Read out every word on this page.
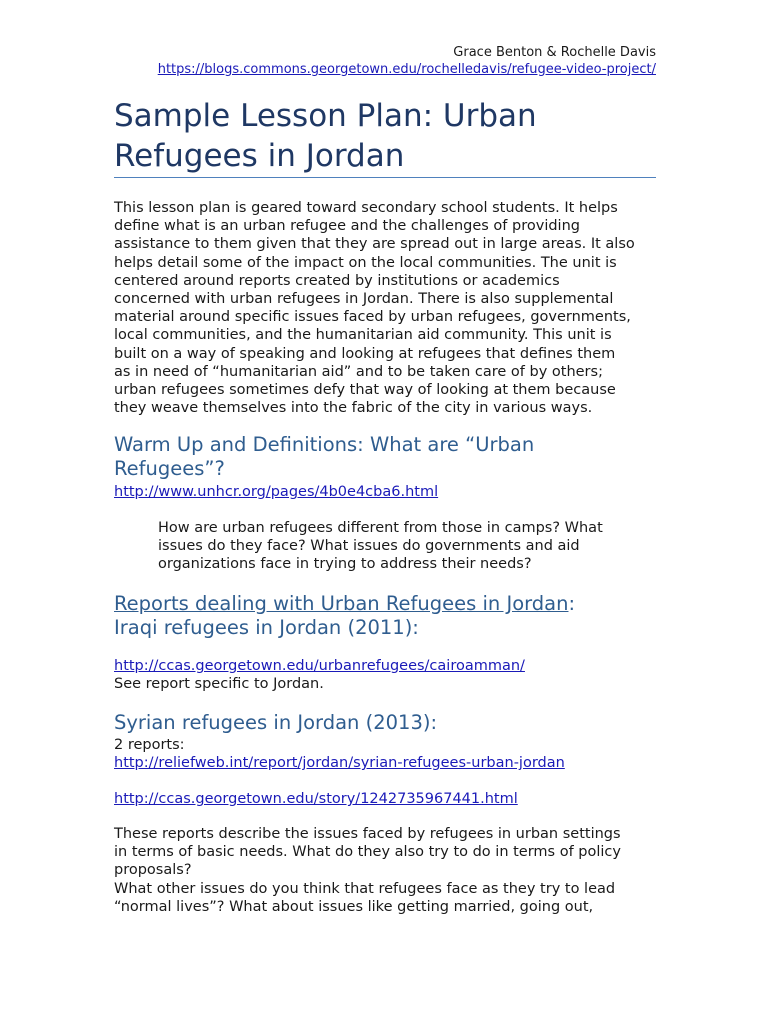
Grace Benton & Rochelle Davis
https://blogs.commons.georgetown.edu/rochelledavis/refugee-video-project/
Sample Lesson Plan: Urban Refugees in Jordan

This lesson plan is geared toward secondary school students. It helps

define what is an urban refugee and the challenges of providing

assistance to them given that they are spread out in large areas. It also

helps detail some of the impact on the local communities. The unit is

centered around reports created by institutions or academics

concerned with urban refugees in Jordan. There is also supplemental

material around specific issues faced by urban refugees, governments,

local communities, and the humanitarian aid community. This unit is

built on a way of speaking and looking at refugees that defines them

as in need of “humanitarian aid” and to be taken care of by others;

urban refugees sometimes defy that way of looking at them because

they weave themselves into the fabric of the city in various ways.

Warm Up and Definitions: What are “Urban

Refugees”?

http://www.unhcr.org/pages/4b0e4cba6.html

How are urban refugees different from those in camps? What

issues do they face? What issues do governments and aid

organizations face in trying to address their needs?

Reports dealing with Urban Refugees in Jordan:

Iraqi refugees in Jordan (2011):

http://ccas.georgetown.edu/urbanrefugees/cairoamman/

See report specific to Jordan.

Syrian refugees in Jordan (2013):

2 reports:

http://reliefweb.int/report/jordan/syrian-refugees-urban-jordan

http://ccas.georgetown.edu/story/1242735967441.html

These reports describe the issues faced by refugees in urban settings

in terms of basic needs. What do they also try to do in terms of policy

proposals?

What other issues do you think that refugees face as they try to lead

“normal lives”? What about issues like getting married, going out,
